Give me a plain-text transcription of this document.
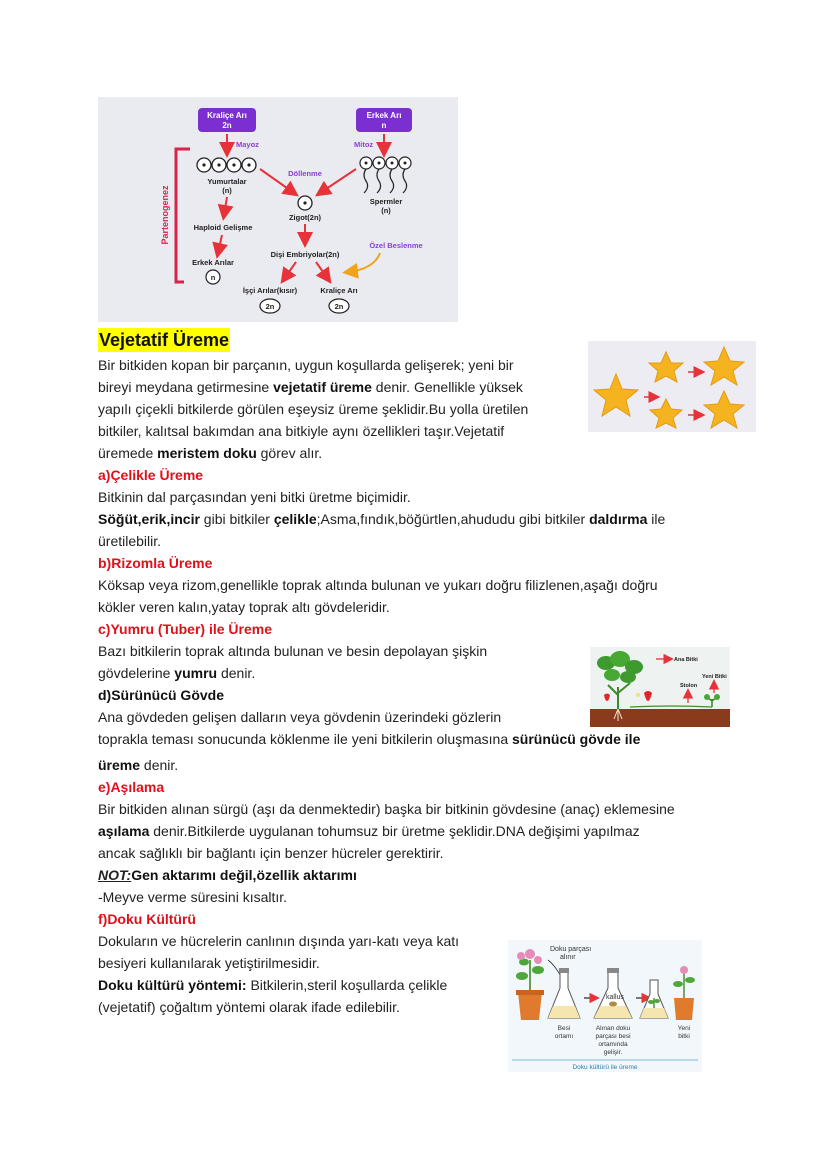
Kraliçe Arı
2n
Erkek Arı
n
Mayoz	Mitoz
Yumurtalar
(n)
Spermler
(n)
Döllenme
Zigot(2n)
Haploid Gelişme
Erkek Arılar
n
Dişi Embriyolar(2n)
Özel Beslenme
İşçi Arılar(kısır)	Kraliçe Arı
2n	2n
Partenogenez
Vejetatif Üreme
Bir bitkiden kopan bir parçanın, uygun koşullarda gelişerek; yeni bir
bireyi meydana getirmesine vejetatif üreme denir. Genellikle yüksek
yapılı çiçekli bitkilerde görülen eşeysiz üreme şeklidir.Bu yolla üretilen
bitkiler, kalıtsal bakımdan ana bitkiyle aynı özellikleri taşır.Vejetatif
üremede meristem doku görev alır.
a)Çelikle Üreme
Bitkinin dal parçasından yeni bitki üretme biçimidir.
Söğüt,erik,incir gibi bitkiler çelikle;Asma,fındık,böğürtlen,ahududu gibi bitkiler daldırma ile
üretilebilir.
b)Rizomla Üreme
Köksap veya rizom,genellikle toprak altında bulunan ve yukarı doğru filizlenen,aşağı doğru
kökler veren kalın,yatay toprak altı gövdeleridir.
c)Yumru (Tuber) ile Üreme
Bazı bitkilerin toprak altında bulunan ve besin depolayan şişkin
gövdelerine yumru denir.
d)Sürünücü Gövde
Ana gövdeden gelişen dalların veya gövdenin üzerindeki gözlerin
toprakla teması sonucunda köklenme ile yeni bitkilerin oluşmasına sürünücü gövde ile
üreme denir.
e)Aşılama
Bir bitkiden alınan sürgü (aşı da denmektedir) başka bir bitkinin gövdesine (anaç) eklemesine
aşılama denir.Bitkilerde uygulanan tohumsuz bir üretme şeklidir.DNA değişimi yapılmaz
ancak sağlıklı bir bağlantı için benzer hücreler gerektirir.
NOT:Gen aktarımı değil,özellik aktarımı
-Meyve verme süresini kısaltır.
f)Doku Kültürü
Dokuların ve hücrelerin canlının dışında yarı-katı veya katı
besiyeri kullanılarak yetiştirilmesidir.
Doku kültürü yöntemi: Bitkilerin,steril koşullarda çelikle
(vejetatif) çoğaltım yöntemi olarak ifade edilebilir.
Ana Bitki
Yeni Bitki
Stolon
Doku parçası
alınır
kallus
Besi
ortamı
Alınan doku
parçası besi
ortamında
gelişir.
Yeni
bitki
Doku kültürü ile üreme
